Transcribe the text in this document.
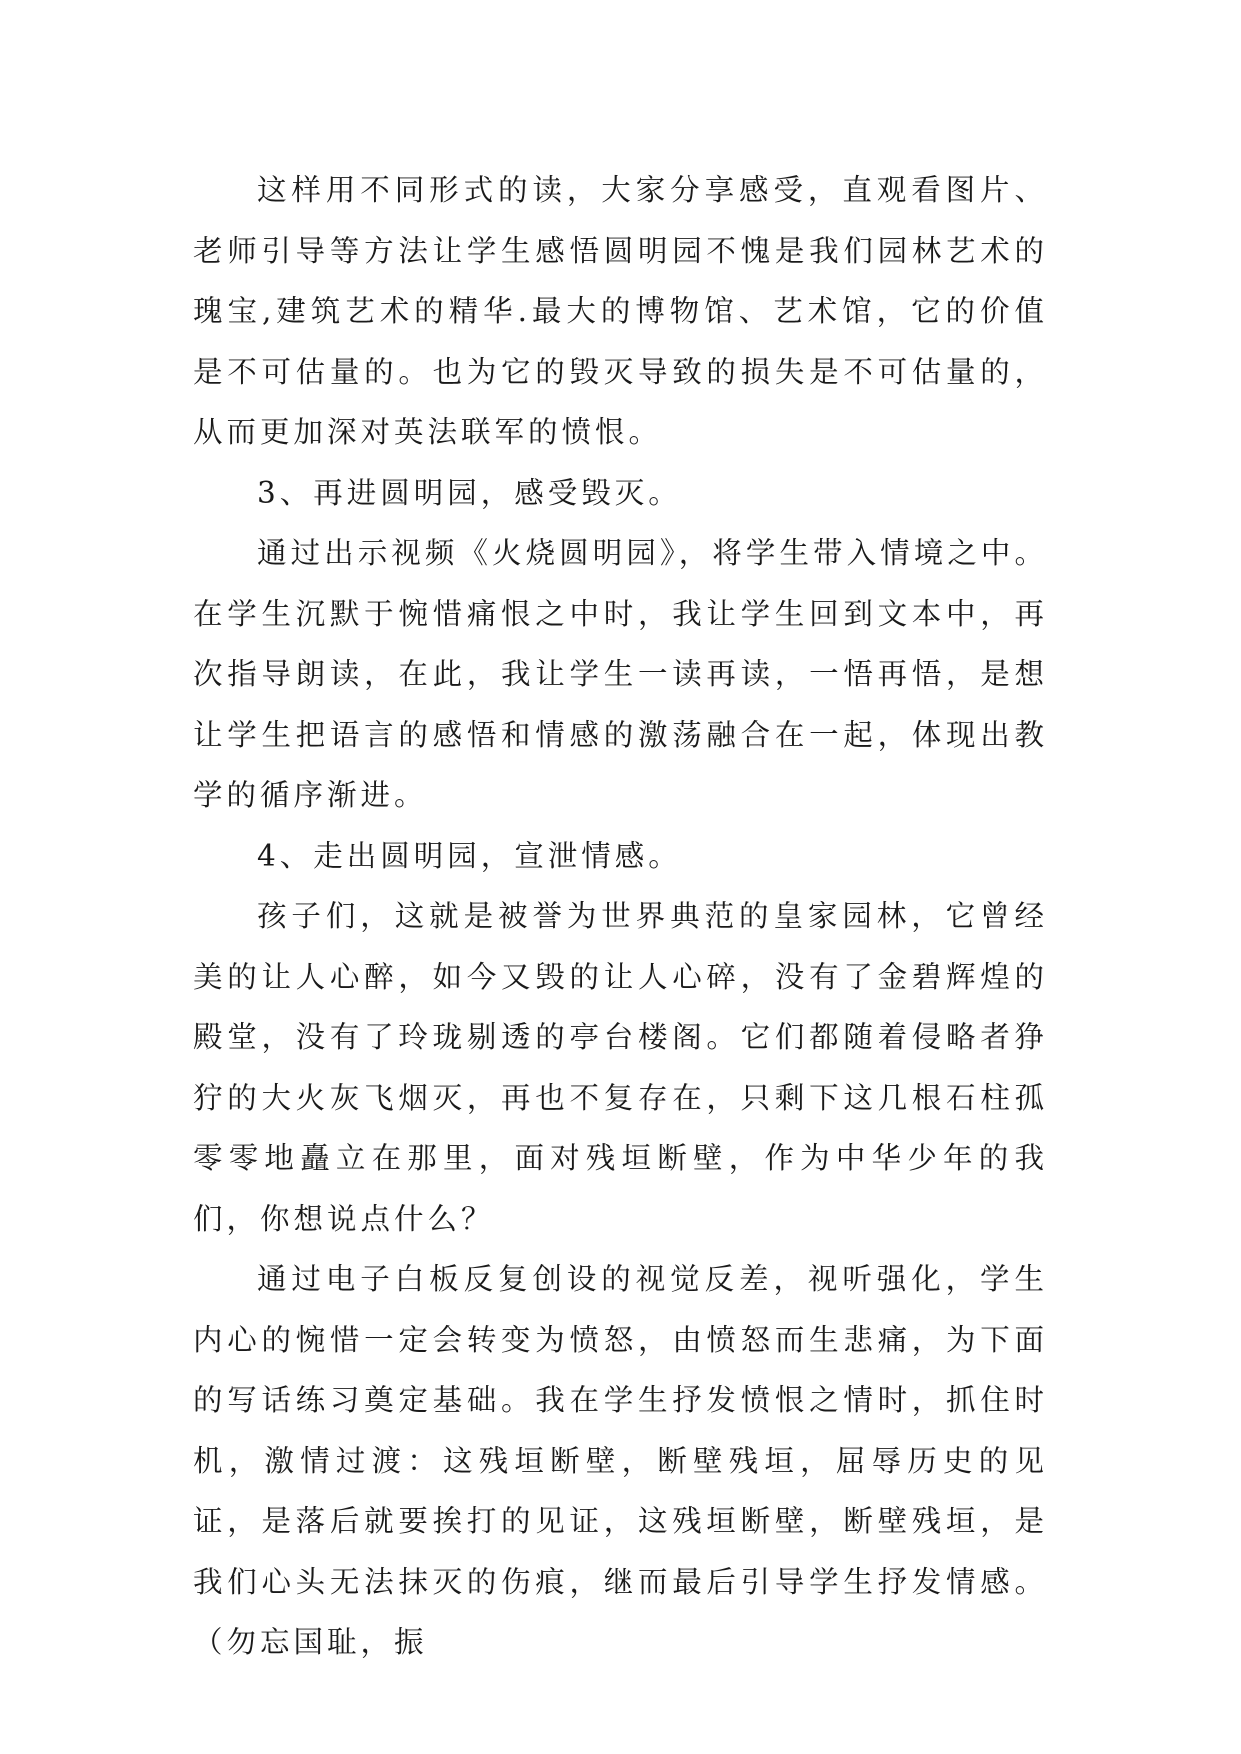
这样用不同形式的读，大家分享感受，直观看图片、老师引导等方法让学生感悟圆明园不愧是我们园林艺术的瑰宝,建筑艺术的精华.最大的博物馆、艺术馆，它的价值是不可估量的。也为它的毁灭导致的损失是不可估量的，从而更加深对英法联军的愤恨。

3、再进圆明园，感受毁灭。

通过出示视频《火烧圆明园》，将学生带入情境之中。在学生沉默于惋惜痛恨之中时，我让学生回到文本中，再次指导朗读，在此，我让学生一读再读，一悟再悟，是想让学生把语言的感悟和情感的激荡融合在一起，体现出教学的循序渐进。

4、走出圆明园，宣泄情感。

孩子们，这就是被誉为世界典范的皇家园林，它曾经美的让人心醉，如今又毁的让人心碎，没有了金碧辉煌的殿堂，没有了玲珑剔透的亭台楼阁。它们都随着侵略者狰狞的大火灰飞烟灭，再也不复存在，只剩下这几根石柱孤零零地矗立在那里，面对残垣断壁，作为中华少年的我们，你想说点什么？

通过电子白板反复创设的视觉反差，视听强化，学生内心的惋惜一定会转变为愤怒，由愤怒而生悲痛，为下面的写话练习奠定基础。我在学生抒发愤恨之情时，抓住时机，激情过渡：这残垣断壁，断壁残垣，屈辱历史的见证，是落后就要挨打的见证，这残垣断壁，断壁残垣，是我们心头无法抹灭的伤痕，继而最后引导学生抒发情感。（勿忘国耻，振
